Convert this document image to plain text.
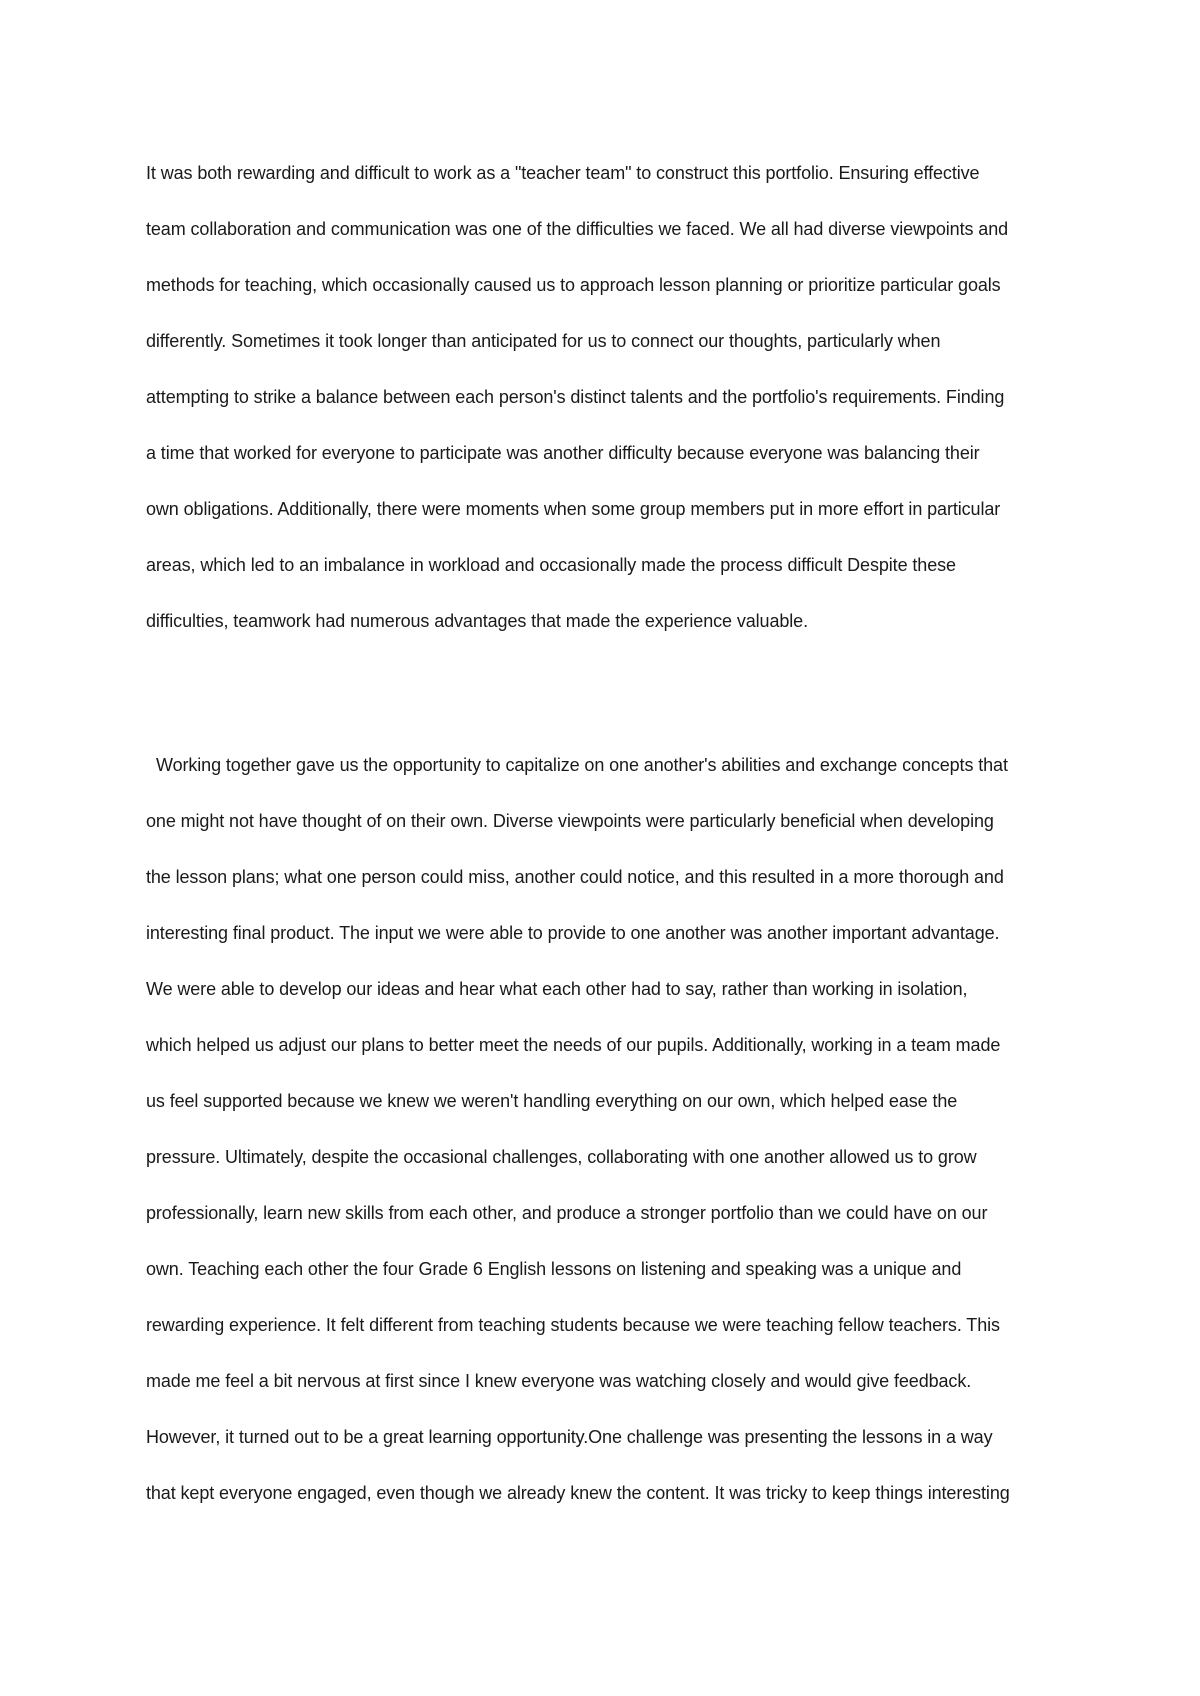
It was both rewarding and difficult to work as a "teacher team" to construct this portfolio. Ensuring effective

team collaboration and communication was one of the difficulties we faced. We all had diverse viewpoints and

methods for teaching, which occasionally caused us to approach lesson planning or prioritize particular goals

differently. Sometimes it took longer than anticipated for us to connect our thoughts, particularly when

attempting to strike a balance between each person's distinct talents and the portfolio's requirements. Finding

a time that worked for everyone to participate was another difficulty because everyone was balancing their

own obligations. Additionally, there were moments when some group members put in more effort in particular

areas, which led to an imbalance in workload and occasionally made the process difficult Despite these

difficulties, teamwork had numerous advantages that made the experience valuable.

Working together gave us the opportunity to capitalize on one another's abilities and exchange concepts that

one might not have thought of on their own. Diverse viewpoints were particularly beneficial when developing

the lesson plans; what one person could miss, another could notice, and this resulted in a more thorough and

interesting final product. The input we were able to provide to one another was another important advantage.

We were able to develop our ideas and hear what each other had to say, rather than working in isolation,

which helped us adjust our plans to better meet the needs of our pupils. Additionally, working in a team made

us feel supported because we knew we weren't handling everything on our own, which helped ease the

pressure. Ultimately, despite the occasional challenges, collaborating with one another allowed us to grow

professionally, learn new skills from each other, and produce a stronger portfolio than we could have on our

own. Teaching each other the four Grade 6 English lessons on listening and speaking was a unique and

rewarding experience. It felt different from teaching students because we were teaching fellow teachers. This

made me feel a bit nervous at first since I knew everyone was watching closely and would give feedback.

However, it turned out to be a great learning opportunity.One challenge was presenting the lessons in a way

that kept everyone engaged, even though we already knew the content. It was tricky to keep things interesting
